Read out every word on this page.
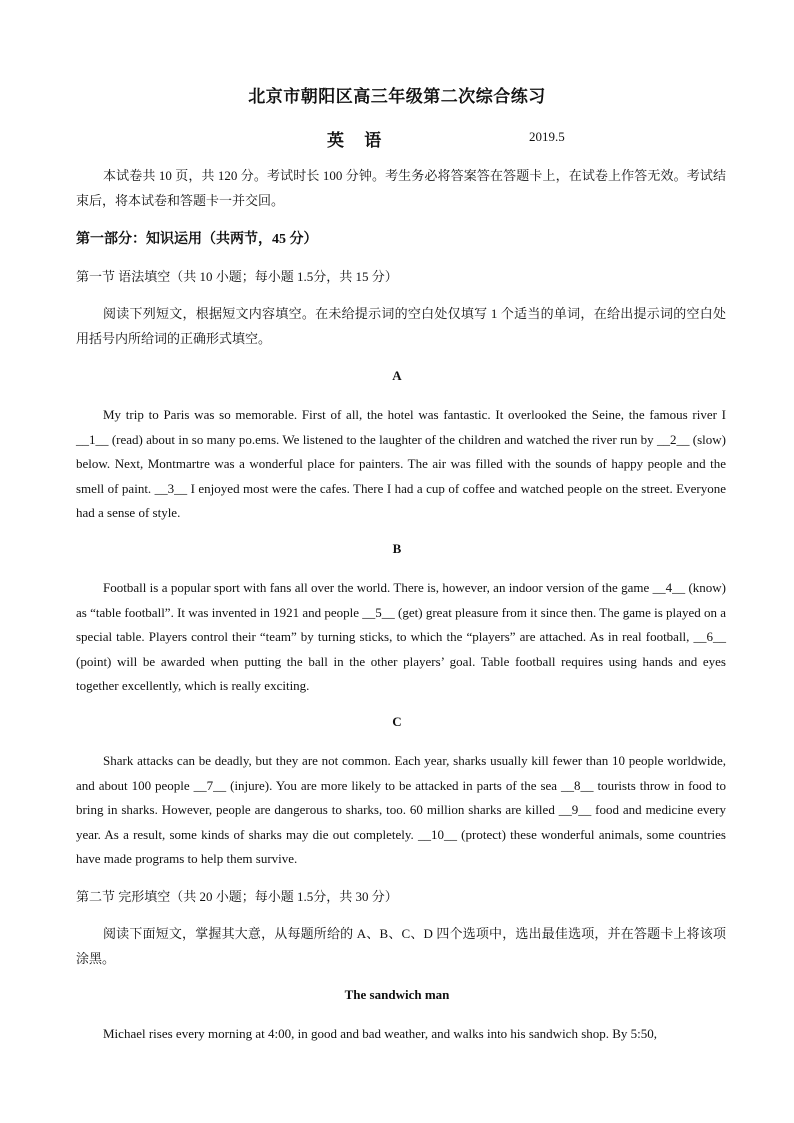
北京市朝阳区高三年级第二次综合练习
英 语	2019.5
本试卷共 10 页，共 120 分。考试时长 100 分钟。考生务必将答案答在答题卡上，在试卷上作答无效。考试结束后，将本试卷和答题卡一并交回。
第一部分：知识运用（共两节，45 分）
第一节 语法填空（共 10 小题；每小题 1.5分，共 15 分）
阅读下列短文，根据短文内容填空。在未给提示词的空白处仅填写 1 个适当的单词，在给出提示词的空白处用括号内所给词的正确形式填空。
A
My trip to Paris was so memorable. First of all, the hotel was fantastic. It overlooked the Seine, the famous river I __1__ (read) about in so many po.ems. We listened to the laughter of the children and watched the river run by __2__ (slow) below. Next, Montmartre was a wonderful place for painters. The air was filled with the sounds of happy people and the smell of paint. __3__ I enjoyed most were the cafes. There I had a cup of coffee and watched people on the street. Everyone had a sense of style.
B
Football is a popular sport with fans all over the world. There is, however, an indoor version of the game __4__ (know) as “table football”. It was invented in 1921 and people __5__ (get) great pleasure from it since then. The game is played on a special table. Players control their “team” by turning sticks, to which the “players” are attached. As in real football, __6__ (point) will be awarded when putting the ball in the other players’ goal. Table football requires using hands and eyes together excellently, which is really exciting.
C
Shark attacks can be deadly, but they are not common. Each year, sharks usually kill fewer than 10 people worldwide, and about 100 people __7__ (injure). You are more likely to be attacked in parts of the sea __8__ tourists throw in food to bring in sharks. However, people are dangerous to sharks, too. 60 million sharks are killed __9__ food and medicine every year. As a result, some kinds of sharks may die out completely. __10__ (protect) these wonderful animals, some countries have made programs to help them survive.
第二节 完形填空（共 20 小题；每小题 1.5分，共 30 分）
阅读下面短文，掌握其大意，从每题所给的 A、B、C、D 四个选项中，选出最佳选项，并在答题卡上将该项涂黑。
The sandwich man
Michael rises every morning at 4:00, in good and bad weather, and walks into his sandwich shop. By 5:50,
